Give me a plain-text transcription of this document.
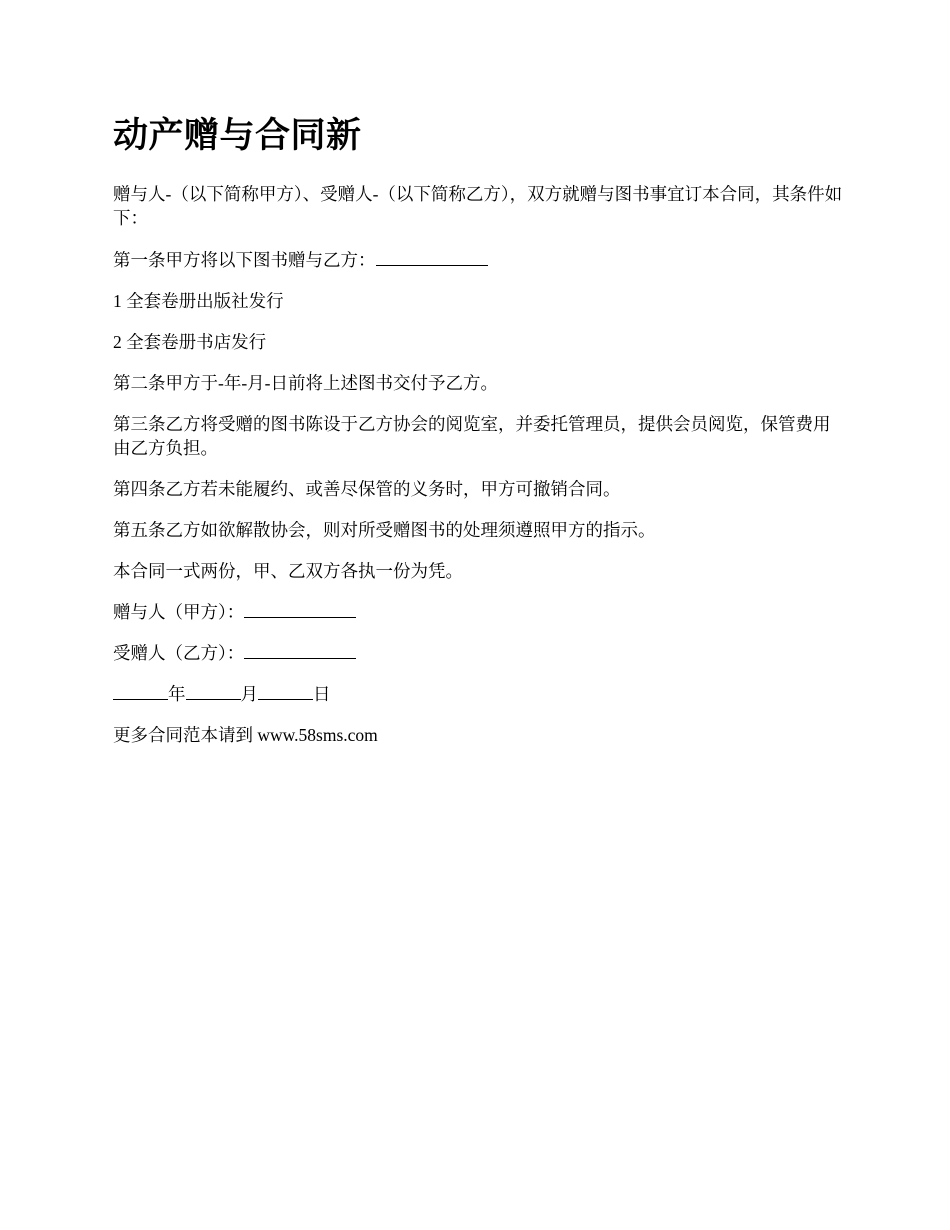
动产赠与合同新

赠与人-（以下简称甲方）、受赠人-（以下简称乙方），双方就赠与图书事宜订本合同，其条件如下：

第一条甲方将以下图书赠与乙方：

1 全套卷册出版社发行

2 全套卷册书店发行

第二条甲方于-年-月-日前将上述图书交付予乙方。

第三条乙方将受赠的图书陈设于乙方协会的阅览室，并委托管理员，提供会员阅览，保管费用由乙方负担。

第四条乙方若未能履约、或善尽保管的义务时，甲方可撤销合同。

第五条乙方如欲解散协会，则对所受赠图书的处理须遵照甲方的指示。

本合同一式两份，甲、乙双方各执一份为凭。

赠与人（甲方）：

受赠人（乙方）：

年	月	日

更多合同范本请到 www.58sms.com
